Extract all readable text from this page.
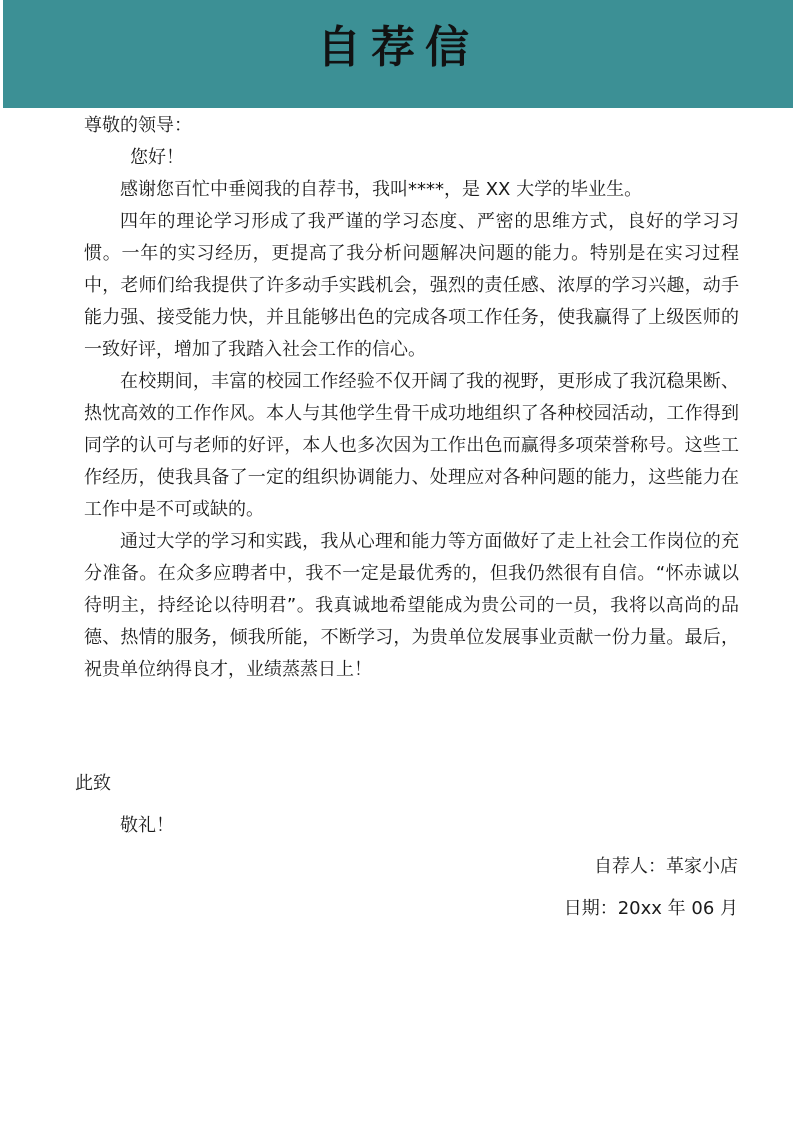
自荐信
尊敬的领导：
您好！

感谢您百忙中垂阅我的自荐书，我叫****，是 XX 大学的毕业生。

四年的理论学习形成了我严谨的学习态度、严密的思维方式，良好的学习习惯。一年的实习经历，更提高了我分析问题解决问题的能力。特别是在实习过程中，老师们给我提供了许多动手实践机会，强烈的责任感、浓厚的学习兴趣，动手能力强、接受能力快，并且能够出色的完成各项工作任务，使我赢得了上级医师的一致好评，增加了我踏入社会工作的信心。

在校期间，丰富的校园工作经验不仅开阔了我的视野，更形成了我沉稳果断、热忱高效的工作作风。本人与其他学生骨干成功地组织了各种校园活动，工作得到同学的认可与老师的好评，本人也多次因为工作出色而赢得多项荣誉称号。这些工作经历，使我具备了一定的组织协调能力、处理应对各种问题的能力，这些能力在工作中是不可或缺的。

通过大学的学习和实践，我从心理和能力等方面做好了走上社会工作岗位的充分准备。在众多应聘者中，我不一定是最优秀的，但我仍然很有自信。“怀赤诚以待明主，持经论以待明君”。我真诚地希望能成为贵公司的一员，我将以高尚的品德、热情的服务，倾我所能，不断学习，为贵单位发展事业贡献一份力量。最后，祝贵单位纳得良才，业绩蒸蒸日上！

此致
敬礼！
自荐人：革家小店
日期：20xx 年 06 月
